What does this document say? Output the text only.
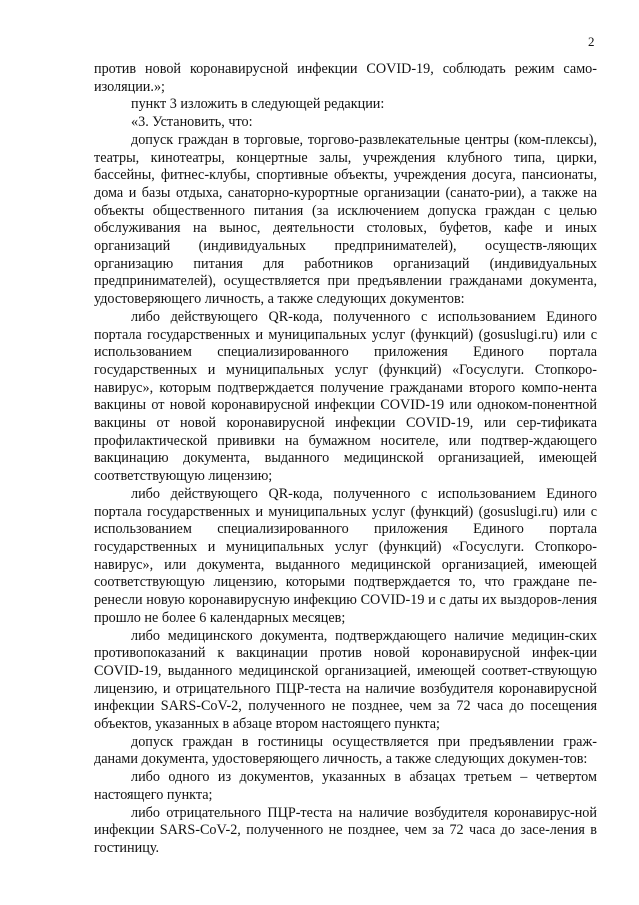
2

против новой коронавирусной инфекции COVID-19, соблюдать режим само-изоляции.»;

пункт 3 изложить в следующей редакции:

«3. Установить, что:

допуск граждан в торговые, торгово-развлекательные центры (ком-плексы), театры, кинотеатры, концертные залы, учреждения клубного типа, цирки, бассейны, фитнес-клубы, спортивные объекты, учреждения досуга, пансионаты, дома и базы отдыха, санаторно-курортные организации (санато-рии), а также на объекты общественного питания (за исключением допуска граждан с целью обслуживания на вынос, деятельности столовых, буфетов, кафе и иных организаций (индивидуальных предпринимателей), осуществ-ляющих организацию питания для работников организаций (индивидуальных предпринимателей), осуществляется при предъявлении гражданами документа, удостоверяющего личность, а также следующих документов:

либо действующего QR-кода, полученного с использованием Единого портала государственных и муниципальных услуг (функций) (gosuslugi.ru) или с использованием специализированного приложения Единого портала государственных и муниципальных услуг (функций) «Госуслуги. Стопкоро-навирус», которым подтверждается получение гражданами второго компо-нента вакцины от новой коронавирусной инфекции COVID-19 или одноком-понентной вакцины от новой коронавирусной инфекции COVID-19, или сер-тификата профилактической прививки на бумажном носителе, или подтвер-ждающего вакцинацию документа, выданного медицинской организацией, имеющей соответствующую лицензию;

либо действующего QR-кода, полученного с использованием Единого портала государственных и муниципальных услуг (функций) (gosuslugi.ru) или с использованием специализированного приложения Единого портала государственных и муниципальных услуг (функций) «Госуслуги. Стопкоро-навирус», или документа, выданного медицинской организацией, имеющей соответствующую лицензию, которыми подтверждается то, что граждане пе-ренесли новую коронавирусную инфекцию COVID-19 и с даты их выздоров-ления прошло не более 6 календарных месяцев;

либо медицинского документа, подтверждающего наличие медицин-ских противопоказаний к вакцинации против новой коронавирусной инфек-ции COVID-19, выданного медицинской организацией, имеющей соответ-ствующую лицензию, и отрицательного ПЦР-теста на наличие возбудителя коронавирусной инфекции SARS-CoV-2, полученного не позднее, чем за 72 часа до посещения объектов, указанных в абзаце втором настоящего пункта;

допуск граждан в гостиницы осуществляется при предъявлении граж-данами документа, удостоверяющего личность, а также следующих докумен-тов:

либо одного из документов, указанных в абзацах третьем – четвертом настоящего пункта;

либо отрицательного ПЦР-теста на наличие возбудителя коронавирус-ной инфекции SARS-CoV-2, полученного не позднее, чем за 72 часа до засе-ления в гостиницу.
